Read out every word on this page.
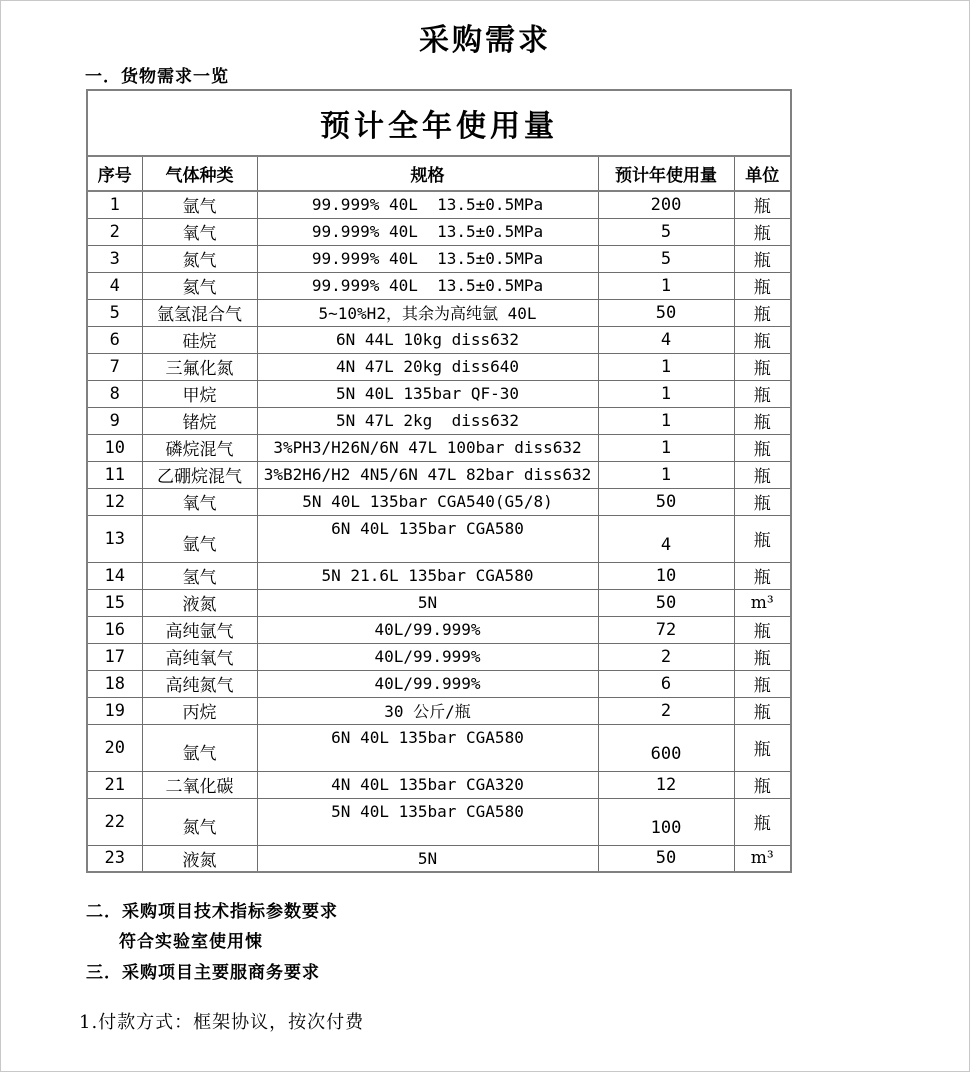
采购需求
一．货物需求一览
预计全年使用量				
序号	气体种类	规格	预计年使用量	单位
1	氩气	99.999% 40L  13.5±0.5MPa	200	瓶
2	氧气	99.999% 40L  13.5±0.5MPa	5	瓶
3	氮气	99.999% 40L  13.5±0.5MPa	5	瓶
4	氦气	99.999% 40L  13.5±0.5MPa	1	瓶
5	氩氢混合气	5~10%H2，其余为高纯氩 40L	50	瓶
6	硅烷	6N 44L 10kg diss632	4	瓶
7	三氟化氮	4N 47L 20kg diss640	1	瓶
8	甲烷	5N 40L 135bar QF-30	1	瓶
9	锗烷	5N 47L 2kg  diss632	1	瓶
10	磷烷混气	3%PH3/H26N/6N 47L 100bar diss632	1	瓶
11	乙硼烷混气	3%B2H6/H2 4N5/6N 47L 82bar diss632	1	瓶
12	氧气	5N 40L 135bar CGA540(G5/8)	50	瓶
13	氩气	6N 40L 135bar CGA580	4	瓶
14	氢气	5N 21.6L 135bar CGA580	10	瓶
15	液氮	5N	50	m³
16	高纯氩气	40L/99.999%	72	瓶
17	高纯氧气	40L/99.999%	2	瓶
18	高纯氮气	40L/99.999%	6	瓶
19	丙烷	30 公斤/瓶	2	瓶
20	氩气	6N 40L 135bar CGA580	600	瓶
21	二氧化碳	4N 40L 135bar CGA320	12	瓶
22	氮气	5N 40L 135bar CGA580	100	瓶
23	液氮	5N	50	m³
二．采购项目技术指标参数要求
符合实验室使用悚
三．采购项目主要服商务要求
1.付款方式：框架协议，按次付费
